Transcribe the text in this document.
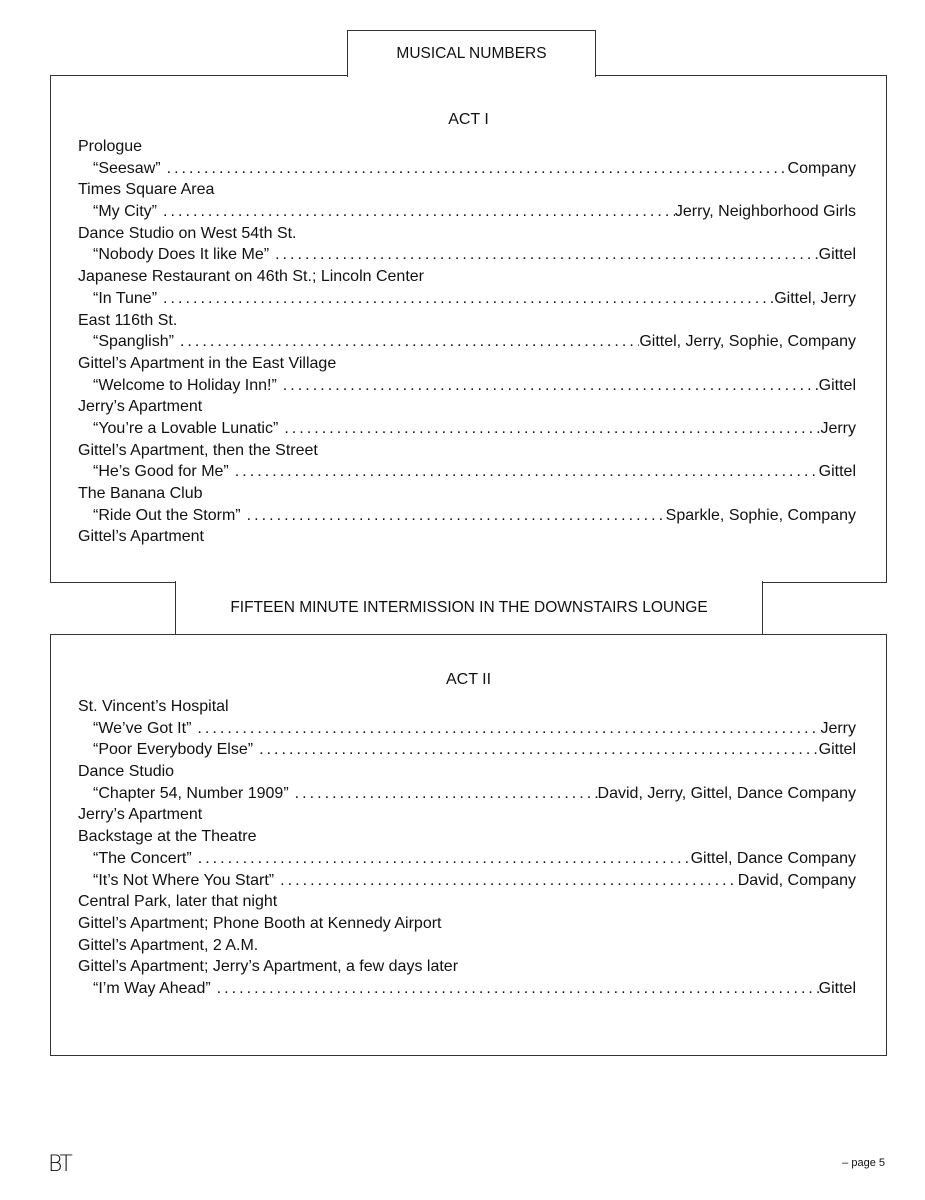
MUSICAL NUMBERS
ACT I
Prologue
“Seesaw” . . .	Company
Times Square Area
“My City” . . .	Jerry, Neighborhood Girls
Dance Studio on West 54th St.
“Nobody Does It like Me” . . .	Gittel
Japanese Restaurant on 46th St.; Lincoln Center
“In Tune” . . .	Gittel, Jerry
East 116th St.
“Spanglish” . . .	Gittel, Jerry, Sophie, Company
Gittel’s Apartment in the East Village
“Welcome to Holiday Inn!” . . .	Gittel
Jerry’s Apartment
“You’re a Lovable Lunatic” . . .	Jerry
Gittel’s Apartment, then the Street
“He’s Good for Me” . . .	Gittel
The Banana Club
“Ride Out the Storm” . . .	Sparkle, Sophie, Company
Gittel’s Apartment
FIFTEEN MINUTE INTERMISSION IN THE DOWNSTAIRS LOUNGE
ACT II
St. Vincent’s Hospital
“We’ve Got It” . . .	Jerry
“Poor Everybody Else” . . .	Gittel
Dance Studio
“Chapter 54, Number 1909” . . .	David, Jerry, Gittel, Dance Company
Jerry’s Apartment
Backstage at the Theatre
“The Concert” . . .	Gittel, Dance Company
“It’s Not Where You Start” . . .	David, Company
Central Park, later that night
Gittel’s Apartment; Phone Booth at Kennedy Airport
Gittel’s Apartment, 2 A.M.
Gittel’s Apartment; Jerry’s Apartment, a few days later
“I’m Way Ahead” . . .	Gittel
BT	– page 5
